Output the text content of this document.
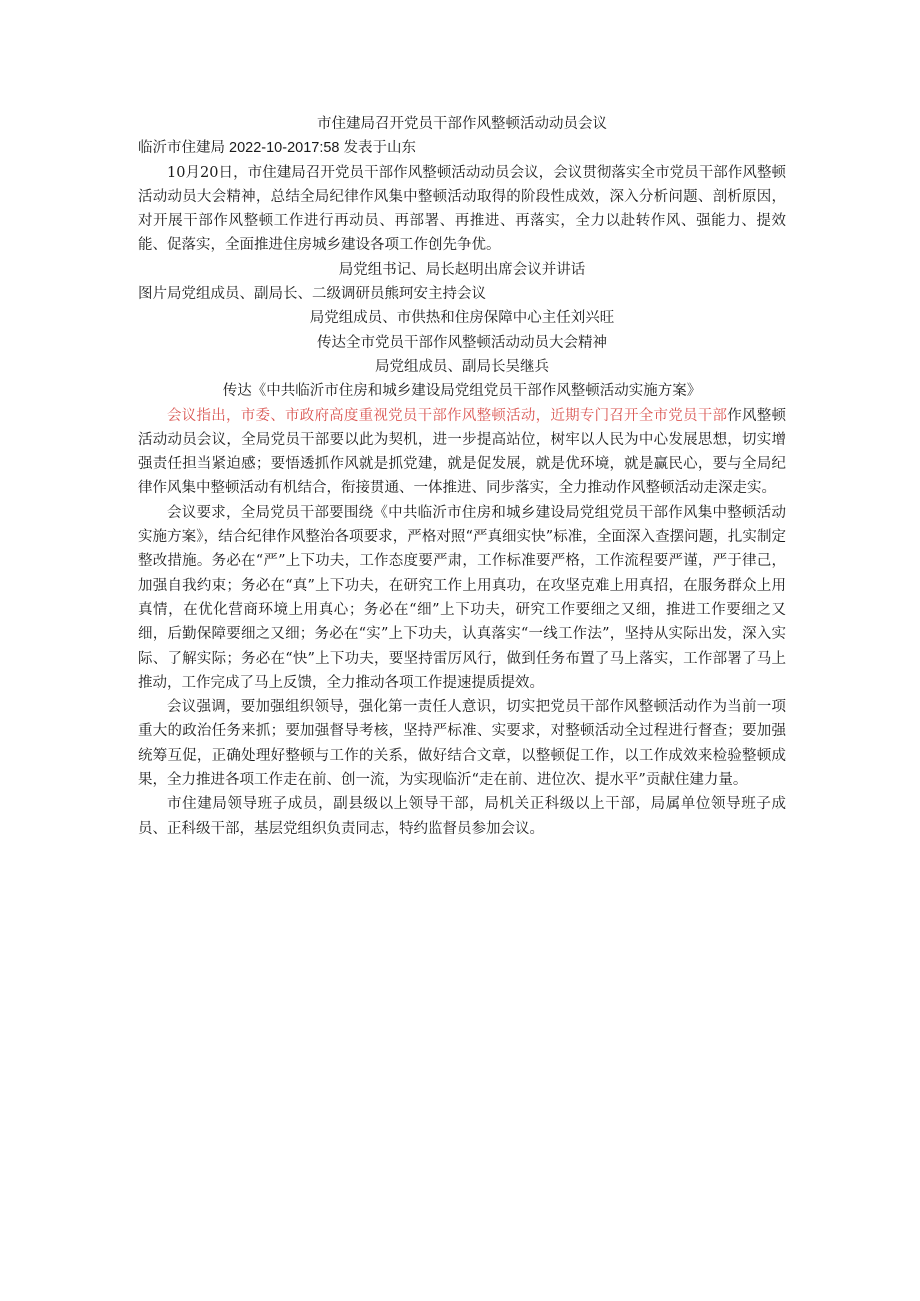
市住建局召开党员干部作风整顿活动动员会议

临沂市住建局 2022-10-2017:58 发表于山东

10月20日，市住建局召开党员干部作风整顿活动动员会议，会议贯彻落实全市党员干部作风整顿活动动员大会精神，总结全局纪律作风集中整顿活动取得的阶段性成效，深入分析问题、剖析原因，对开展干部作风整顿工作进行再动员、再部署、再推进、再落实，全力以赴转作风、强能力、提效能、促落实，全面推进住房城乡建设各项工作创先争优。

局党组书记、局长赵明出席会议并讲话

图片局党组成员、副局长、二级调研员熊珂安主持会议

局党组成员、市供热和住房保障中心主任刘兴旺

传达全市党员干部作风整顿活动动员大会精神

局党组成员、副局长吴继兵

传达《中共临沂市住房和城乡建设局党组党员干部作风整顿活动实施方案》

会议指出，市委、市政府高度重视党员干部作风整顿活动，近期专门召开全市党员干部作风整顿活动动员会议，全局党员干部要以此为契机，进一步提高站位，树牢以人民为中心发展思想，切实增强责任担当紧迫感；要悟透抓作风就是抓党建，就是促发展，就是优环境，就是赢民心，要与全局纪律作风集中整顿活动有机结合，衔接贯通、一体推进、同步落实，全力推动作风整顿活动走深走实。

会议要求，全局党员干部要围绕《中共临沂市住房和城乡建设局党组党员干部作风集中整顿活动实施方案》，结合纪律作风整治各项要求，严格对照“严真细实快”标准，全面深入查摆问题，扎实制定整改措施。务必在“严”上下功夫，工作态度要严肃，工作标准要严格，工作流程要严谨，严于律己，加强自我约束；务必在“真”上下功夫，在研究工作上用真功，在攻坚克难上用真招，在服务群众上用真情，在优化营商环境上用真心；务必在“细”上下功夫，研究工作要细之又细，推进工作要细之又细，后勤保障要细之又细；务必在“实”上下功夫，认真落实“一线工作法”，坚持从实际出发，深入实际、了解实际；务必在“快”上下功夫，要坚持雷厉风行，做到任务布置了马上落实，工作部署了马上推动，工作完成了马上反馈，全力推动各项工作提速提质提效。

会议强调，要加强组织领导，强化第一责任人意识，切实把党员干部作风整顿活动作为当前一项重大的政治任务来抓；要加强督导考核，坚持严标准、实要求，对整顿活动全过程进行督查；要加强统筹互促，正确处理好整顿与工作的关系，做好结合文章，以整顿促工作，以工作成效来检验整顿成果，全力推进各项工作走在前、创一流，为实现临沂“走在前、进位次、提水平”贡献住建力量。

市住建局领导班子成员，副县级以上领导干部，局机关正科级以上干部，局属单位领导班子成员、正科级干部，基层党组织负责同志，特约监督员参加会议。
